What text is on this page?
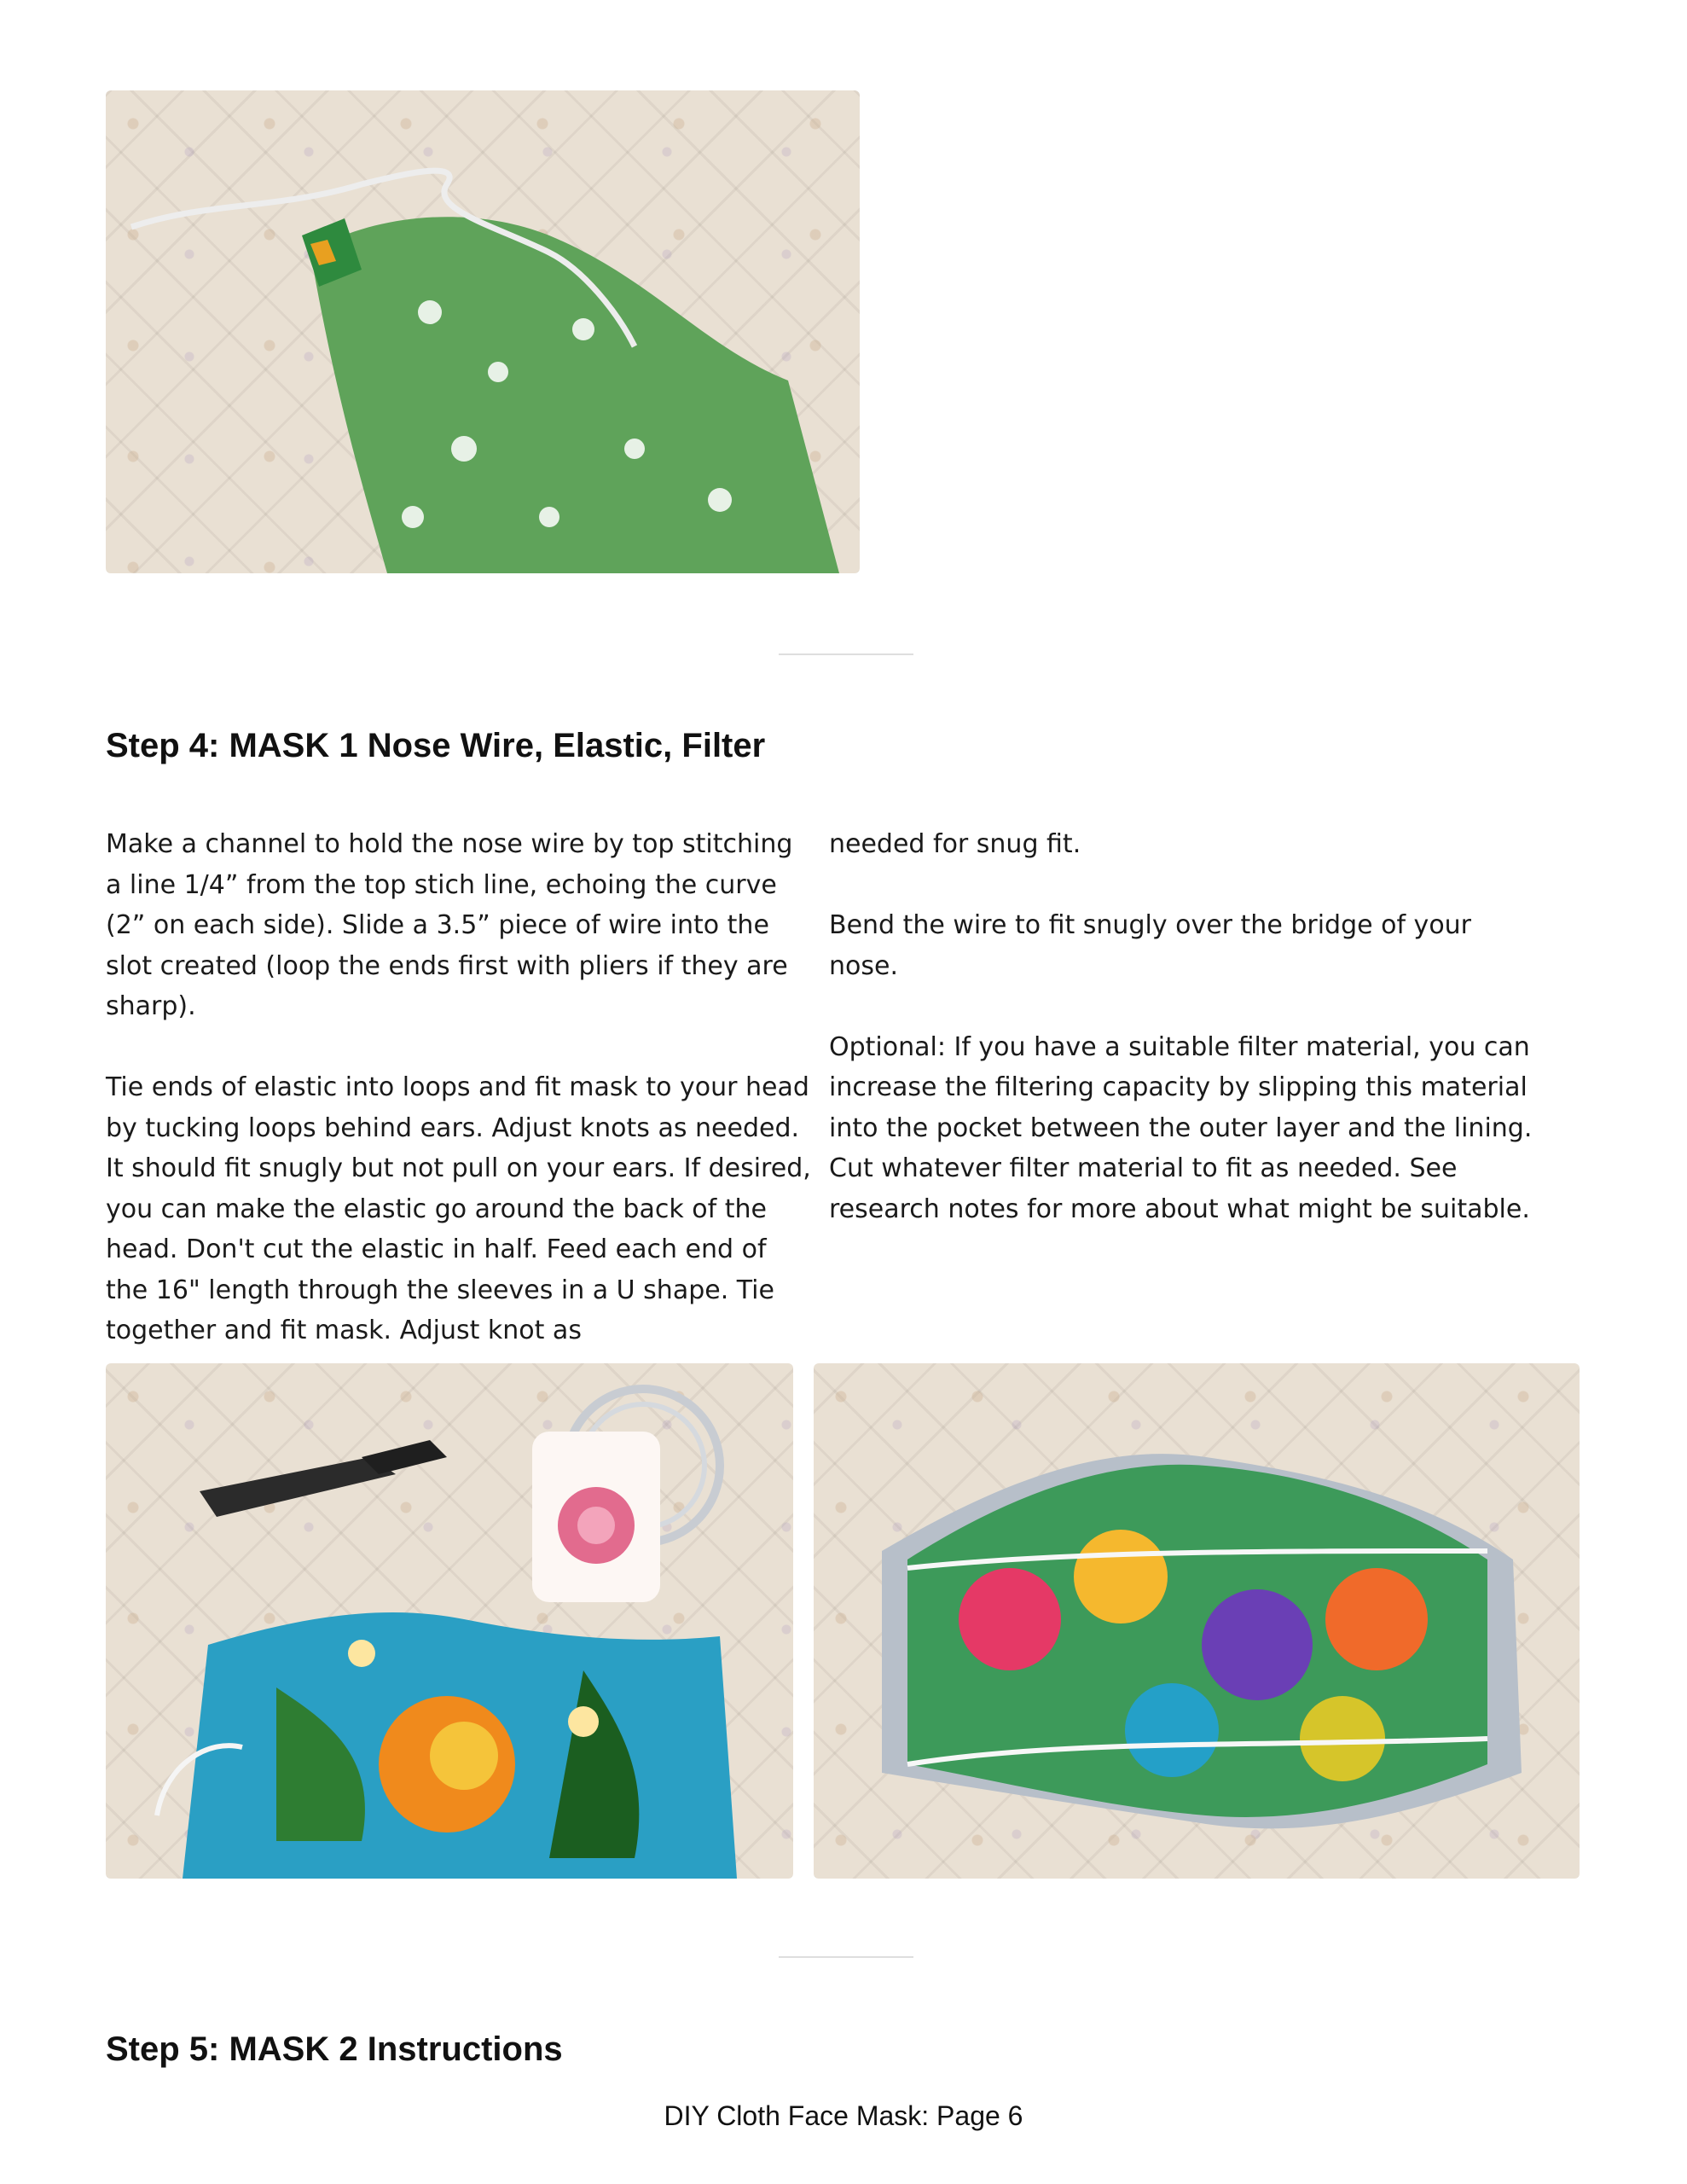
Step 4: MASK 1 Nose Wire, Elastic, Filter

Make a channel to hold the nose wire by top stitching a line 1/4” from the top stich line, echoing the curve (2” on each side). Slide a 3.5” piece of wire into the slot created (loop the ends first with pliers if they are sharp).

Tie ends of elastic into loops and fit mask to your head by tucking loops behind ears. Adjust knots as needed. It should fit snugly but not pull on your ears. If desired, you can make the elastic go around the back of the head. Don't cut the elastic in half. Feed each end of the 16" length through the sleeves in a U shape. Tie together and fit mask. Adjust knot as

needed for snug fit.

Bend the wire to fit snugly over the bridge of your nose.

Optional: If you have a suitable filter material, you can increase the filtering capacity by slipping this material into the pocket between the outer layer and the lining. Cut whatever filter material to fit as needed. See research notes for more about what might be suitable.

Step 5: MASK 2 Instructions
DIY Cloth Face Mask: Page 6
